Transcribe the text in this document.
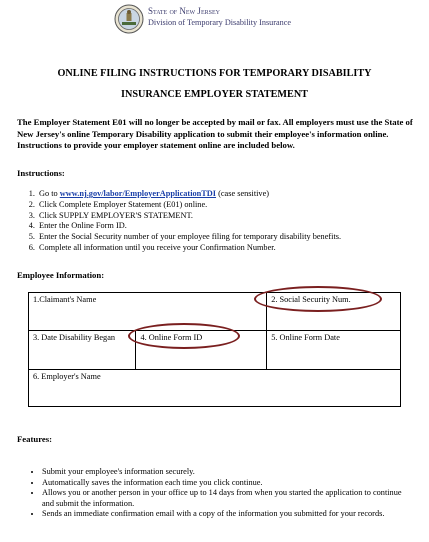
State of New Jersey
Division of Temporary Disability Insurance
ONLINE FILING INSTRUCTIONS FOR TEMPORARY DISABILITY
INSURANCE EMPLOYER STATEMENT
The Employer Statement E01 will no longer be accepted by mail or fax. All employers must use the State of New Jersey's online Temporary Disability application to submit their employee's information online. Instructions to provide your employer statement online are included below.
Instructions:
1. Go to www.nj.gov/labor/EmployerApplicationTDI (case sensitive)
2. Click Complete Employer Statement (E01) online.
3. Click SUPPLY EMPLOYER'S STATEMENT.
4. Enter the Online Form ID.
5. Enter the Social Security number of your employee filing for temporary disability benefits.
6. Complete all information until you receive your Confirmation Number.
Employee Information:
1.Claimant's Name		2. Social Security Num.
3. Date Disability Began	4. Online Form ID	5. Online Form Date
6. Employer's Name		
Features:
• Submit your employee's information securely.
• Automatically saves the information each time you click continue.
• Allows you or another person in your office up to 14 days from when you started the application to continue and submit the information.
• Sends an immediate confirmation email with a copy of the information you submitted for your records.
